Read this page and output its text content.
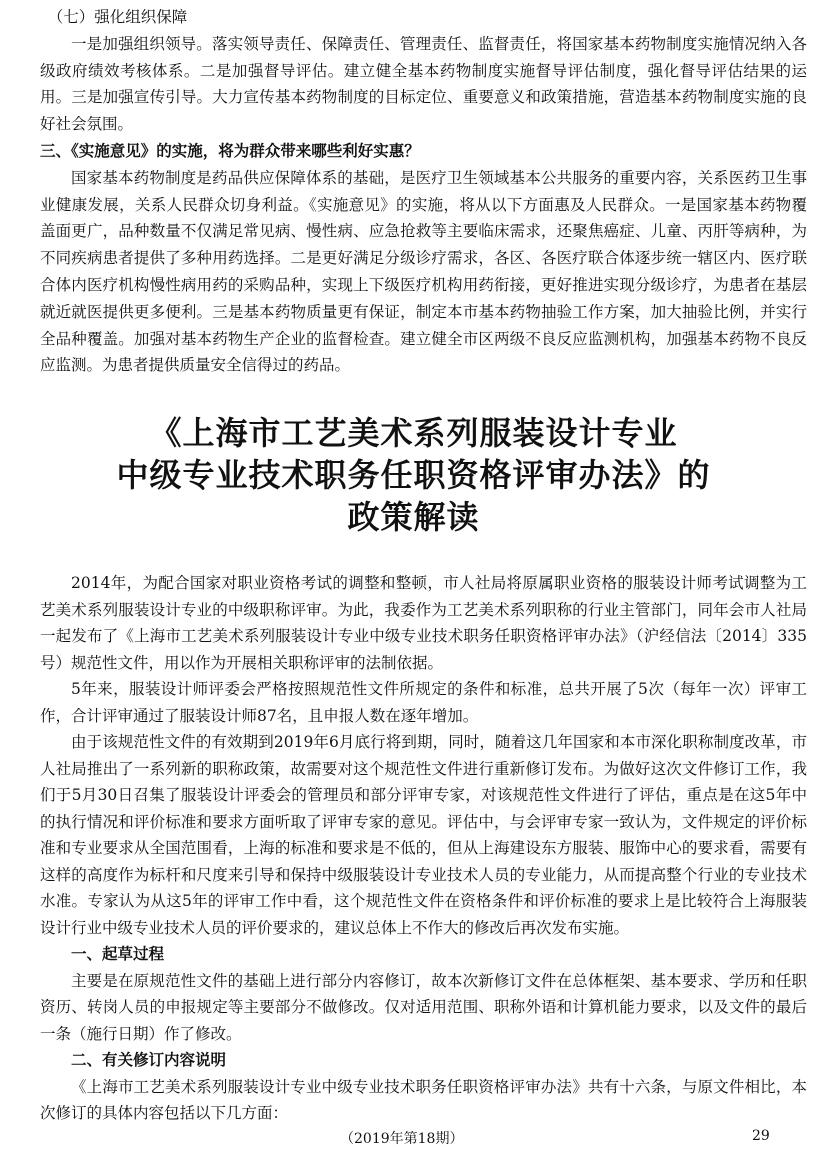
（七）强化组织保障

一是加强组织领导。落实领导责任、保障责任、管理责任、监督责任，将国家基本药物制度实施情况纳入各级政府绩效考核体系。二是加强督导评估。建立健全基本药物制度实施督导评估制度，强化督导评估结果的运用。三是加强宣传引导。大力宣传基本药物制度的目标定位、重要意义和政策措施，营造基本药物制度实施的良好社会氛围。

三、《实施意见》的实施，将为群众带来哪些利好实惠？

国家基本药物制度是药品供应保障体系的基础，是医疗卫生领域基本公共服务的重要内容，关系医药卫生事业健康发展，关系人民群众切身利益。《实施意见》的实施，将从以下方面惠及人民群众。一是国家基本药物覆盖面更广，品种数量不仅满足常见病、慢性病、应急抢救等主要临床需求，还聚焦癌症、儿童、丙肝等病种，为不同疾病患者提供了多种用药选择。二是更好满足分级诊疗需求，各区、各医疗联合体逐步统一辖区内、医疗联合体内医疗机构慢性病用药的采购品种，实现上下级医疗机构用药衔接，更好推进实现分级诊疗，为患者在基层就近就医提供更多便利。三是基本药物质量更有保证，制定本市基本药物抽验工作方案，加大抽验比例，并实行全品种覆盖。加强对基本药物生产企业的监督检查。建立健全市区两级不良反应监测机构，加强基本药物不良反应监测。为患者提供质量安全信得过的药品。

《上海市工艺美术系列服装设计专业
中级专业技术职务任职资格评审办法》的
政策解读

2014年，为配合国家对职业资格考试的调整和整顿，市人社局将原属职业资格的服装设计师考试调整为工艺美术系列服装设计专业的中级职称评审。为此，我委作为工艺美术系列职称的行业主管部门，同年会市人社局一起发布了《上海市工艺美术系列服装设计专业中级专业技术职务任职资格评审办法》（沪经信法〔2014〕335号）规范性文件，用以作为开展相关职称评审的法制依据。

5年来，服装设计师评委会严格按照规范性文件所规定的条件和标准，总共开展了5次（每年一次）评审工作，合计评审通过了服装设计师87名，且申报人数在逐年增加。

由于该规范性文件的有效期到2019年6月底行将到期，同时，随着这几年国家和本市深化职称制度改革，市人社局推出了一系列新的职称政策，故需要对这个规范性文件进行重新修订发布。为做好这次文件修订工作，我们于5月30日召集了服装设计评委会的管理员和部分评审专家，对该规范性文件进行了评估，重点是在这5年中的执行情况和评价标准和要求方面听取了评审专家的意见。评估中，与会评审专家一致认为，文件规定的评价标准和专业要求从全国范围看，上海的标准和要求是不低的，但从上海建设东方服装、服饰中心的要求看，需要有这样的高度作为标杆和尺度来引导和保持中级服装设计专业技术人员的专业能力，从而提高整个行业的专业技术水准。专家认为从这5年的评审工作中看，这个规范性文件在资格条件和评价标准的要求上是比较符合上海服装设计行业中级专业技术人员的评价要求的，建议总体上不作大的修改后再次发布实施。

一、起草过程

主要是在原规范性文件的基础上进行部分内容修订，故本次新修订文件在总体框架、基本要求、学历和任职资历、转岗人员的申报规定等主要部分不做修改。仅对适用范围、职称外语和计算机能力要求，以及文件的最后一条（施行日期）作了修改。

二、有关修订内容说明

《上海市工艺美术系列服装设计专业中级专业技术职务任职资格评审办法》共有十六条，与原文件相比，本次修订的具体内容包括以下几方面：

（2019年第18期）	29
